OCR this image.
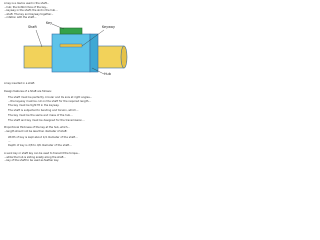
A key is a device used in the shaft...
...hub; the bottom face of the key...
...keyway in the shaft; the slot in the hub...
...shaft. The key and keyway together...
...rotation with the shaft...
Shaft	Keyway
Hub
Key
A key inserted in a shaft.
Design features of a Shaft are follows:
• The shaft must be perfectly circular and its axis at right angles...
• ...the keyway must be cut on the shaft for the required length...
• The key must be tight fit in the keyway.
• The shaft is subjected to bending and torsion, which...
• The key must be the same and mass of the hub...
• The shaft and key must be designed for the transmission...
Proportional thickness of the key at the hub, which...
...length should not be less than diameter of shaft:
• Width of key is kept about 1/4 diameter of the shaft...
• ...
• Depth of key is d/8 to d/6 diameter of the shaft...
A sunk key or shaft key can be used to transmit the torque...
...while the hub is sliding axially along the shaft...
...key of the shaft to be used as feather key.
